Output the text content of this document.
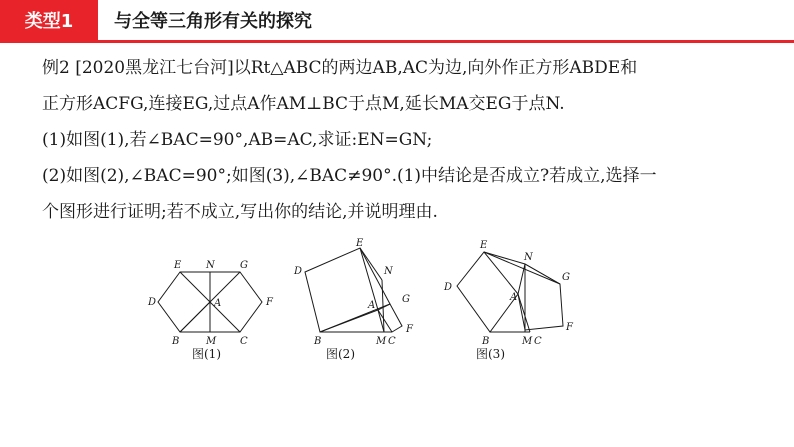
类型1	与全等三角形有关的探究

例2 [2020黑龙江七台河]以Rt△ABC的两边AB,AC为边,向外作正方形ABDE和

正方形ACFG,连接EG,过点A作AM⊥BC于点M,延长MA交EG于点N.

(1)如图(1),若∠BAC=90°,AB=AC,求证:EN=GN;

(2)如图(2),∠BAC=90°;如图(3),∠BAC≠90°.(1)中结论是否成立?若成立,选择一

个图形进行证明;若不成立,写出你的结论,并说明理由.

E N	G
D	A	F
B	M C
图(1)
D
E
N
A
G
B	M C
F
图(2)
E
N
G
D
A
F
B	M C
图(3)
